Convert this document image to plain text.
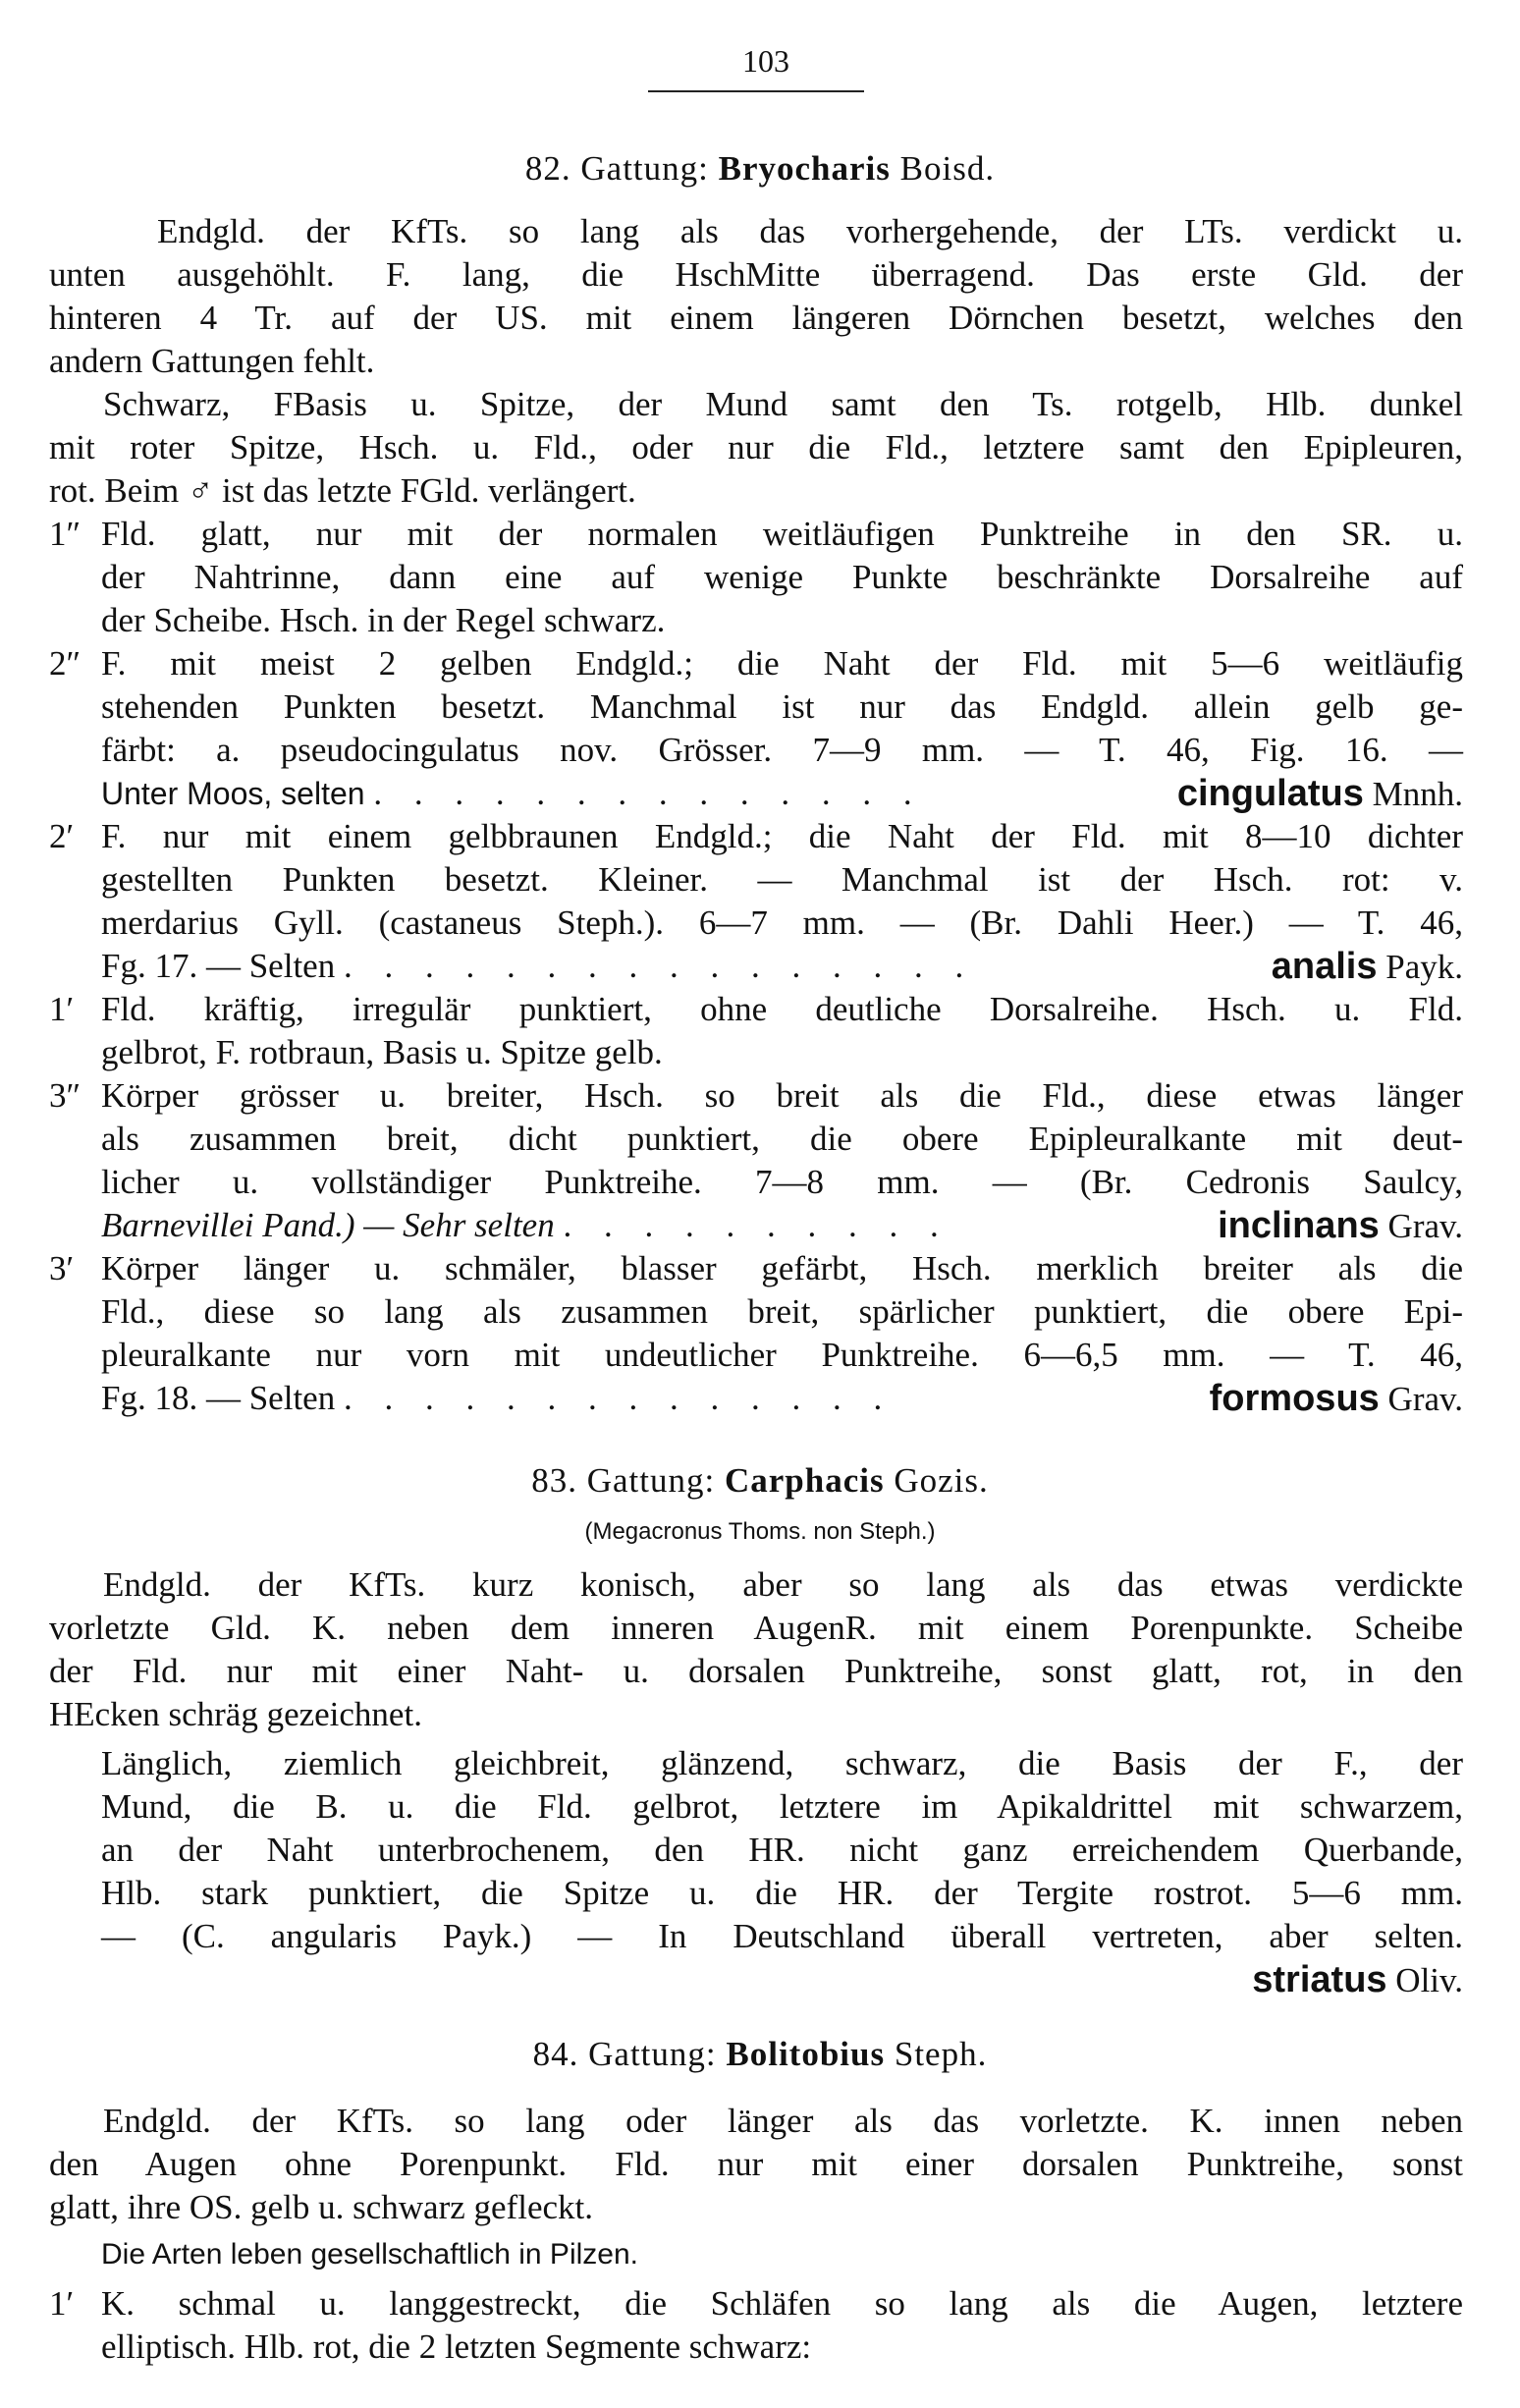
103
82. Gattung: Bryocharis Boisd.
Endgld. der KfTs. so lang als das vorhergehende, der LTs. verdickt u.
unten ausgehöhlt. F. lang, die HschMitte überragend. Das erste Gld. der
hinteren 4 Tr. auf der US. mit einem längeren Dörnchen besetzt, welches den
andern Gattungen fehlt.
Schwarz, FBasis u. Spitze, der Mund samt den Ts. rotgelb, Hlb. dunkel
mit roter Spitze, Hsch. u. Fld., oder nur die Fld., letztere samt den Epipleuren,
rot. Beim ♂ ist das letzte FGld. verlängert.
1″ Fld. glatt, nur mit der normalen weitläufigen Punktreihe in den SR. u.
der Nahtrinne, dann eine auf wenige Punkte beschränkte Dorsalreihe auf
der Scheibe. Hsch. in der Regel schwarz.
2″ F. mit meist 2 gelben Endgld.; die Naht der Fld. mit 5—6 weitläufig
stehenden Punkten besetzt. Manchmal ist nur das Endgld. allein gelb ge-
färbt: a. pseudocingulatus nov. Grösser. 7—9 mm. — T. 46, Fig. 16. —
Unter Moos, selten . . . . . . . . . . . . . .	cingulatus Mnnh.
2′ F. nur mit einem gelbbraunen Endgld.; die Naht der Fld. mit 8—10 dichter
gestellten Punkten besetzt. Kleiner. — Manchmal ist der Hsch. rot: v.
merdarius Gyll. (castaneus Steph.). 6—7 mm. — (Br. Dahli Heer.) — T. 46,
Fg. 17. — Selten . . . . . . . . . . . . . . . .	analis Payk.
1′ Fld. kräftig, irregulär punktiert, ohne deutliche Dorsalreihe. Hsch. u. Fld.
gelbrot, F. rotbraun, Basis u. Spitze gelb.
3″ Körper grösser u. breiter, Hsch. so breit als die Fld., diese etwas länger
als zusammen breit, dicht punktiert, die obere Epipleuralkante mit deut-
licher u. vollständiger Punktreihe. 7—8 mm. — (Br. Cedronis Saulcy,
Barnevillei Pand.) — Sehr selten . . . . . . . . . .	inclinans Grav.
3′ Körper länger u. schmäler, blasser gefärbt, Hsch. merklich breiter als die
Fld., diese so lang als zusammen breit, spärlicher punktiert, die obere Epi-
pleuralkante nur vorn mit undeutlicher Punktreihe. 6—6,5 mm. — T. 46,
Fg. 18. — Selten . . . . . . . . . . . . . .	formosus Grav.
83. Gattung: Carphacis Gozis.
(Megacronus Thoms. non Steph.)
Endgld. der KfTs. kurz konisch, aber so lang als das etwas verdickte
vorletzte Gld. K. neben dem inneren AugenR. mit einem Porenpunkte. Scheibe
der Fld. nur mit einer Naht- u. dorsalen Punktreihe, sonst glatt, rot, in den
HEcken schräg gezeichnet.
Länglich, ziemlich gleichbreit, glänzend, schwarz, die Basis der F., der
Mund, die B. u. die Fld. gelbrot, letztere im Apikaldrittel mit schwarzem,
an der Naht unterbrochenem, den HR. nicht ganz erreichendem Querbande,
Hlb. stark punktiert, die Spitze u. die HR. der Tergite rostrot. 5—6 mm.
— (C. angularis Payk.) — In Deutschland überall vertreten, aber selten.
striatus Oliv.
84. Gattung: Bolitobius Steph.
Endgld. der KfTs. so lang oder länger als das vorletzte. K. innen neben
den Augen ohne Porenpunkt. Fld. nur mit einer dorsalen Punktreihe, sonst
glatt, ihre OS. gelb u. schwarz gefleckt.
Die Arten leben gesellschaftlich in Pilzen.
1′ K. schmal u. langgestreckt, die Schläfen so lang als die Augen, letztere
elliptisch. Hlb. rot, die 2 letzten Segmente schwarz:
